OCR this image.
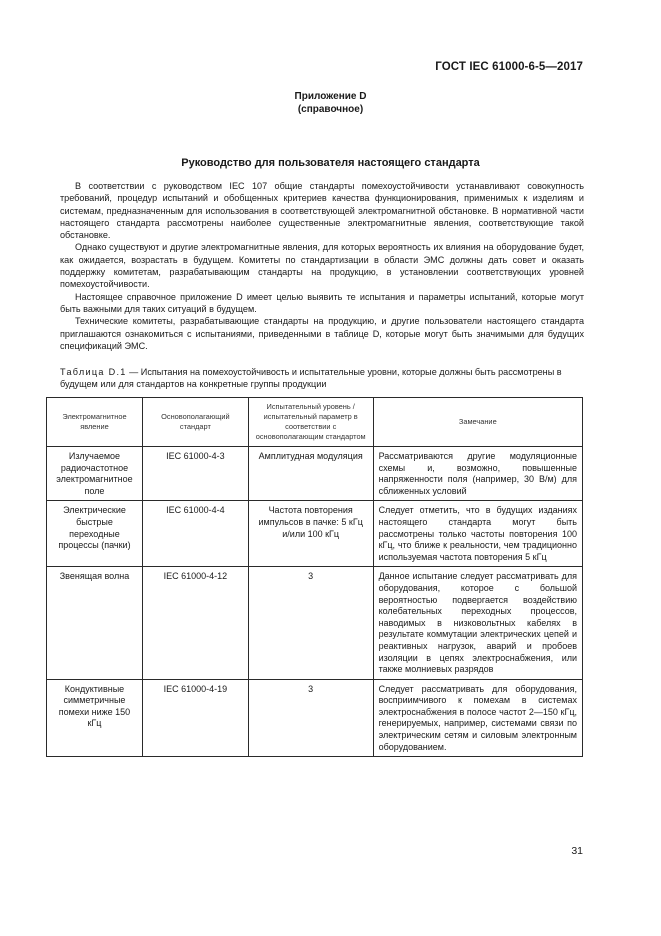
ГОСТ IEC 61000-6-5—2017
Приложение D
(справочное)
Руководство для пользователя настоящего стандарта

В соответствии с руководством IEC 107 общие стандарты помехоустойчивости устанавливают совокупность требований, процедур испытаний и обобщенных критериев качества функционирования, применимых к изделиям и системам, предназначенным для использования в соответствующей электромагнитной обстановке. В нормативной части настоящего стандарта рассмотрены наиболее существенные электромагнитные явления, соответствующие такой обстановке.

Однако существуют и другие электромагнитные явления, для которых вероятность их влияния на оборудование будет, как ожидается, возрастать в будущем. Комитеты по стандартизации в области ЭМС должны дать совет и оказать поддержку комитетам, разрабатывающим стандарты на продукцию, в установлении соответствующих уровней помехоустойчивости.

Настоящее справочное приложение D имеет целью выявить те испытания и параметры испытаний, которые могут быть важными для таких ситуаций в будущем.

Технические комитеты, разрабатывающие стандарты на продукцию, и другие пользователи настоящего стандарта приглашаются ознакомиться с испытаниями, приведенными в таблице D, которые могут быть значимыми для будущих спецификаций ЭМС.

Таблица D.1 — Испытания на помехоустойчивость и испытательные уровни, которые должны быть рассмотрены в будущем или для стандартов на конкретные группы продукции
Электромагнитное явление	Основополагающий стандарт	Испытательный уровень / испытательный параметр в соответствии с основополагающим стандартом	Замечание
Излучаемое радиочастотное электромагнитное поле	IEC 61000-4-3	Амплитудная модуляция	Рассматриваются другие модуляционные схемы и, возможно, повышенные напряженности поля (например, 30 В/м) для сближенных условий
Электрические быстрые переходные процессы (пачки)	IEC 61000-4-4	Частота повторения импульсов в пачке: 5 кГц и/или 100 кГц	Следует отметить, что в будущих изданиях настоящего стандарта могут быть рассмотрены только частоты повторения 100 кГц, что ближе к реальности, чем традиционно используемая частота повторения 5 кГц
Звенящая волна	IEC 61000-4-12	3	Данное испытание следует рассматривать для оборудования, которое с большой вероятностью подвергается воздействию колебательных переходных процессов, наводимых в низковольтных кабелях в результате коммутации электрических цепей и реактивных нагрузок, аварий и пробоев изоляции в цепях электроснабжения, или также молниевых разрядов
Кондуктивные симметричные помехи ниже 150 кГц	IEC 61000-4-19	3	Следует рассматривать для оборудования, восприимчивого к помехам в системах электроснабжения в полосе частот 2—150 кГц, генерируемых, например, системами связи по электрическим сетям и силовым электронным оборудованием.
31
